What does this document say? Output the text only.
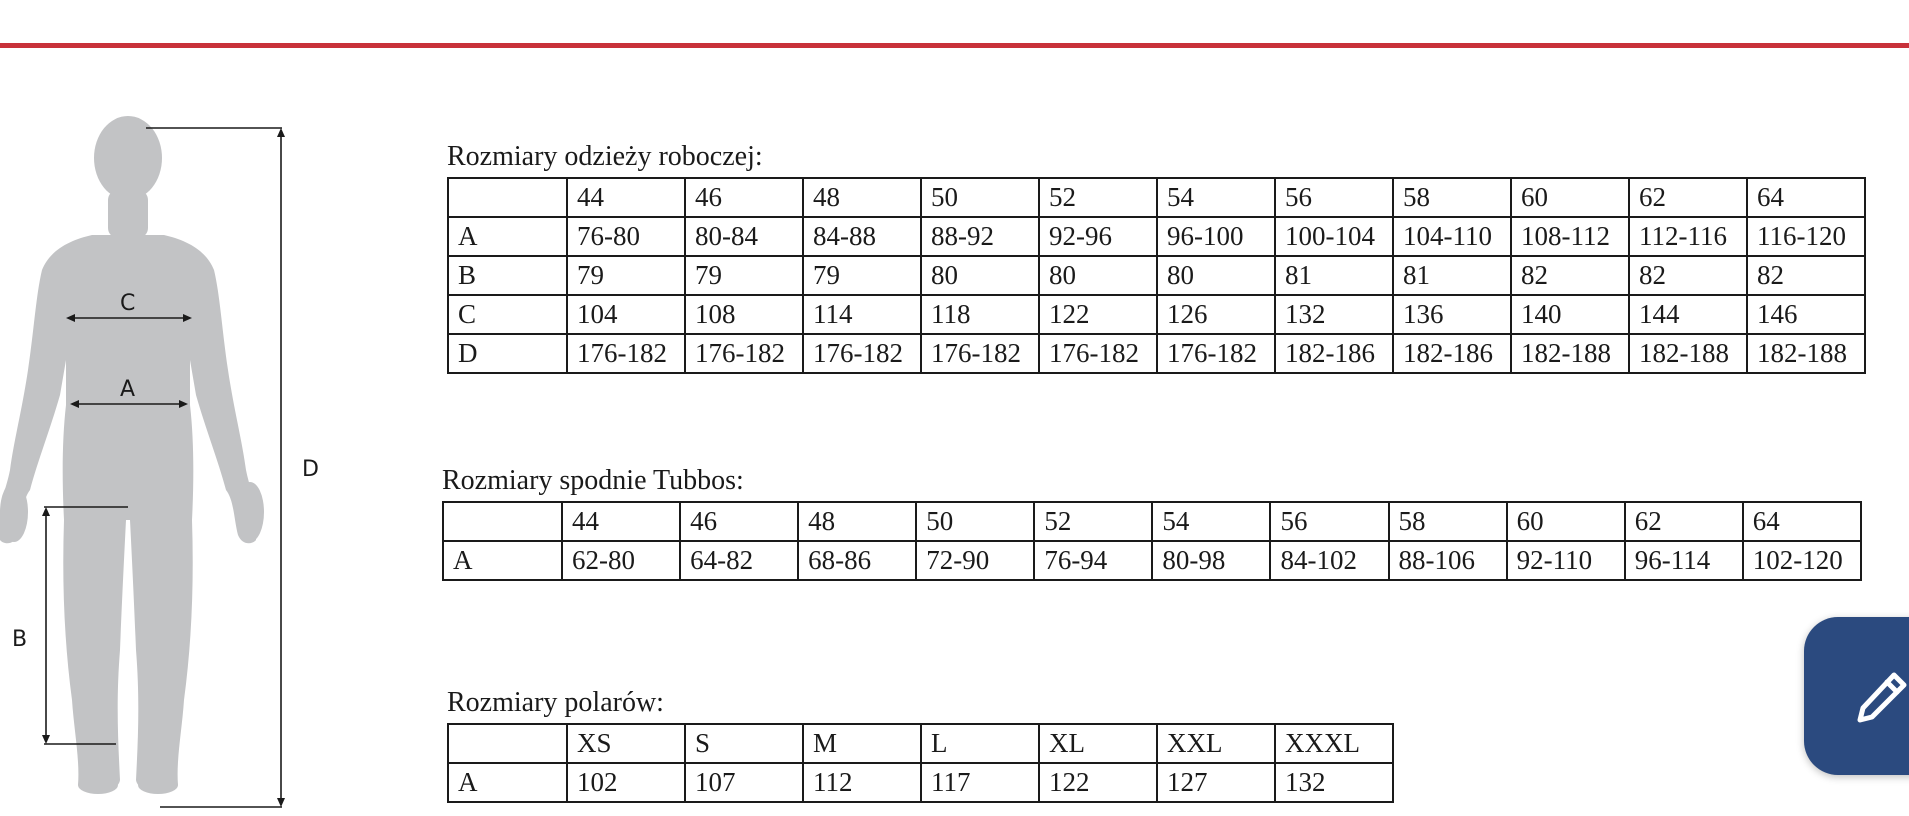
C
A
B
D
Rozmiary odzieży roboczej:
	44	46	48	50	52	54	56	58	60	62	64
A	76-80	80-84	84-88	88-92	92-96	96-100	100-104	104-110	108-112	112-116	116-120
B	79	79	79	80	80	80	81	81	82	82	82
C	104	108	114	118	122	126	132	136	140	144	146
D	176-182	176-182	176-182	176-182	176-182	176-182	182-186	182-186	182-188	182-188	182-188
Rozmiary spodnie Tubbos:
	44	46	48	50	52	54	56	58	60	62	64
A	62-80	64-82	68-86	72-90	76-94	80-98	84-102	88-106	92-110	96-114	102-120
Rozmiary polarów:
	XS	S	M	L	XL	XXL	XXXL
A	102	107	112	117	122	127	132
